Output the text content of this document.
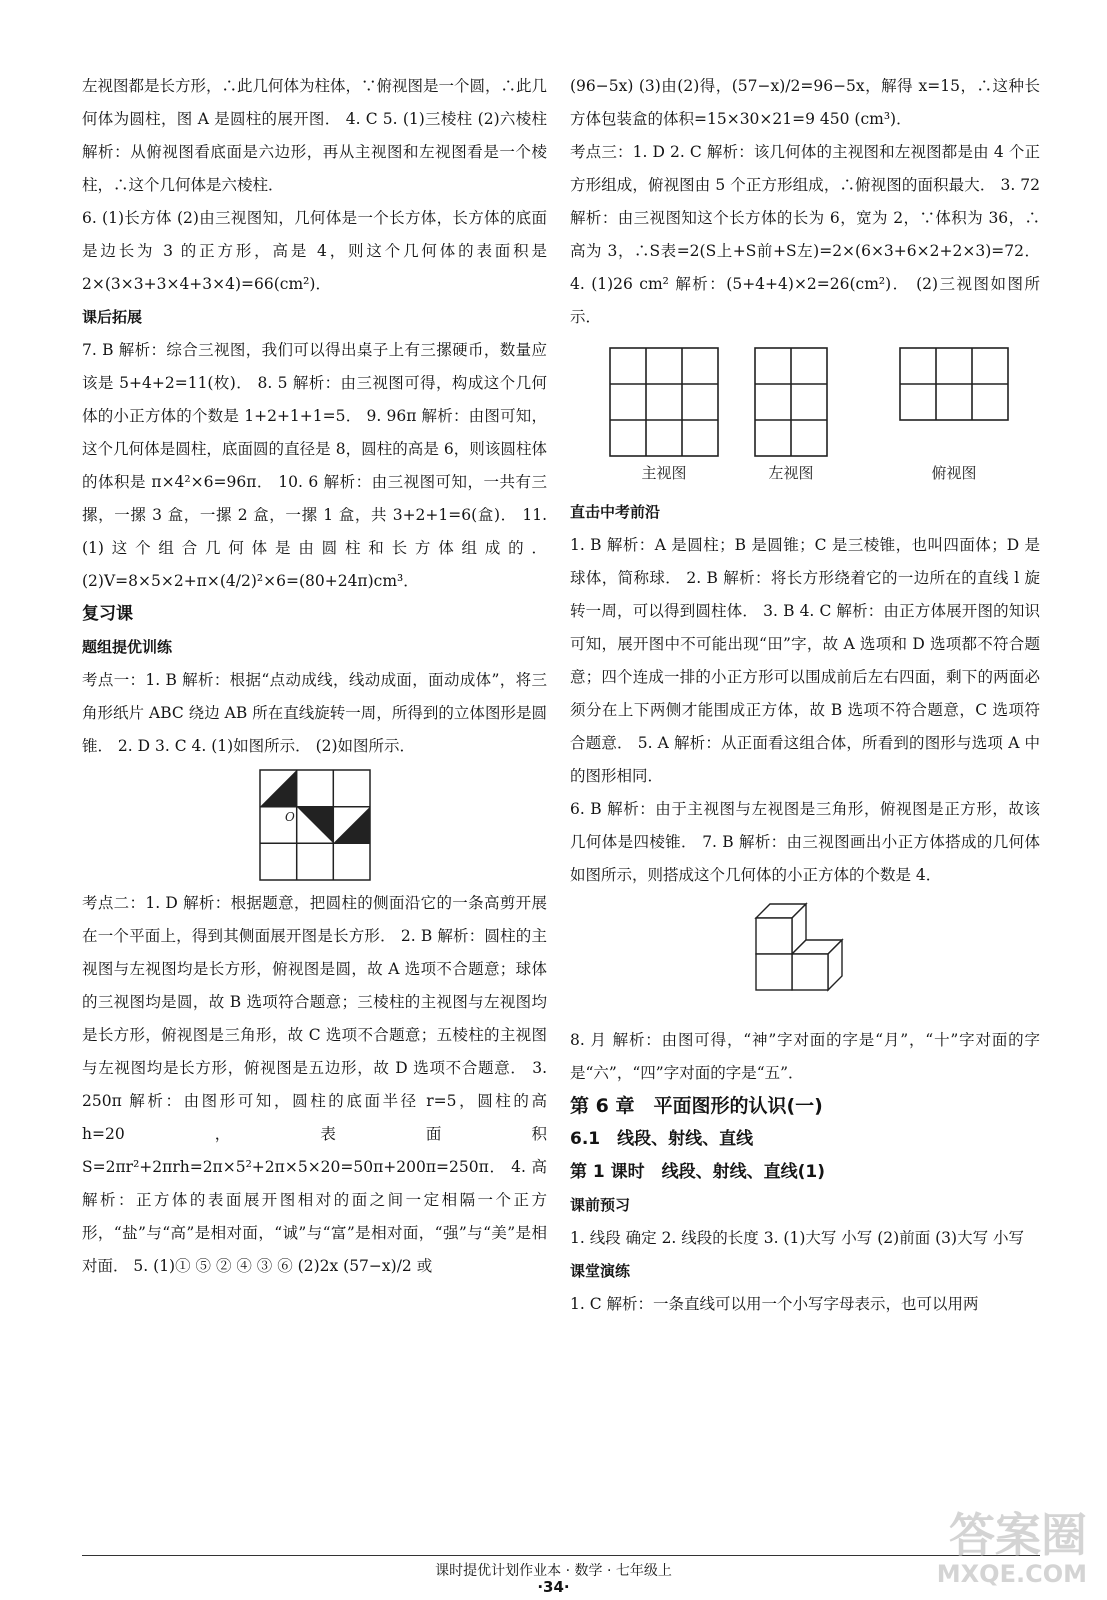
左视图都是长方形，∴此几何体为柱体，∵俯视图是一个圆，∴此几何体为圆柱，图 A 是圆柱的展开图． 4. C 5. (1)三棱柱 (2)六棱柱 解析：从俯视图看底面是六边形，再从主视图和左视图看是一个棱柱，∴这个几何体是六棱柱．

6. (1)长方体 (2)由三视图知，几何体是一个长方体，长方体的底面是边长为 3 的正方形，高是 4，则这个几何体的表面积是 2×(3×3+3×4+3×4)=66(cm²)．

课后拓展

7. B 解析：综合三视图，我们可以得出桌子上有三摞硬币，数量应该是 5+4+2=11(枚)． 8. 5 解析：由三视图可得，构成这个几何体的小正方体的个数是 1+2+1+1=5． 9. 96π 解析：由图可知，这个几何体是圆柱，底面圆的直径是 8，圆柱的高是 6，则该圆柱体的体积是 π×4²×6=96π． 10. 6 解析：由三视图可知，一共有三摞，一摞 3 盒，一摞 2 盒，一摞 1 盒，共 3+2+1=6(盒)． 11. (1)这个组合几何体是由圆柱和长方体组成的． (2)V=8×5×2+π×(4/2)²×6=(80+24π)cm³．

复习课

题组提优训练

考点一：1. B 解析：根据“点动成线，线动成面，面动成体”，将三角形纸片 ABC 绕边 AB 所在直线旋转一周，所得到的立体图形是圆锥． 2. D 3. C 4. (1)如图所示． (2)如图所示．

O

考点二：1. D 解析：根据题意，把圆柱的侧面沿它的一条高剪开展在一个平面上，得到其侧面展开图是长方形． 2. B 解析：圆柱的主视图与左视图均是长方形，俯视图是圆，故 A 选项不合题意；球体的三视图均是圆，故 B 选项符合题意；三棱柱的主视图与左视图均是长方形，俯视图是三角形，故 C 选项不合题意；五棱柱的主视图与左视图均是长方形，俯视图是五边形，故 D 选项不合题意． 3. 250π 解析：由图形可知，圆柱的底面半径 r=5，圆柱的高 h=20，表面积 S=2πr²+2πrh=2π×5²+2π×5×20=50π+200π=250π． 4. 高 解析：正方体的表面展开图相对的面之间一定相隔一个正方形，“盐”与“高”是相对面，“诚”与“富”是相对面，“强”与“美”是相对面． 5. (1)① ⑤ ② ④ ③ ⑥ (2)2x (57−x)/2 或

(96−5x) (3)由(2)得，(57−x)/2=96−5x，解得 x=15，∴这种长方体包装盒的体积=15×30×21=9 450 (cm³)．

考点三：1. D 2. C 解析：该几何体的主视图和左视图都是由 4 个正方形组成，俯视图由 5 个正方形组成，∴俯视图的面积最大． 3. 72 解析：由三视图知这个长方体的长为 6，宽为 2，∵体积为 36，∴高为 3，∴S表=2(S上+S前+S左)=2×(6×3+6×2+2×3)=72． 4. (1)26 cm² 解析：(5+4+4)×2=26(cm²)． (2)三视图如图所示．

主视图	左视图	俯视图

直击中考前沿

1. B 解析：A 是圆柱；B 是圆锥；C 是三棱锥，也叫四面体；D 是球体，简称球． 2. B 解析：将长方形绕着它的一边所在的直线 l 旋转一周，可以得到圆柱体． 3. B 4. C 解析：由正方体展开图的知识可知，展开图中不可能出现“田”字，故 A 选项和 D 选项都不符合题意；四个连成一排的小正方形可以围成前后左右四面，剩下的两面必须分在上下两侧才能围成正方体，故 B 选项不符合题意，C 选项符合题意． 5. A 解析：从正面看这组合体，所看到的图形与选项 A 中的图形相同．

6. B 解析：由于主视图与左视图是三角形，俯视图是正方形，故该几何体是四棱锥． 7. B 解析：由三视图画出小正方体搭成的几何体如图所示，则搭成这个几何体的小正方体的个数是 4．

8. 月 解析：由图可得，“神”字对面的字是“月”，“十”字对面的字是“六”，“四”字对面的字是“五”．

第 6 章　平面图形的认识(一)

6.1　线段、射线、直线

第 1 课时　线段、射线、直线(1)

课前预习

1. 线段 确定 2. 线段的长度 3. (1)大写 小写 (2)前面 (3)大写 小写

课堂演练

1. C 解析：一条直线可以用一个小写字母表示，也可以用两

课时提优计划作业本 · 数学 · 七年级上
·34·
答案圈
MXQE.COM
